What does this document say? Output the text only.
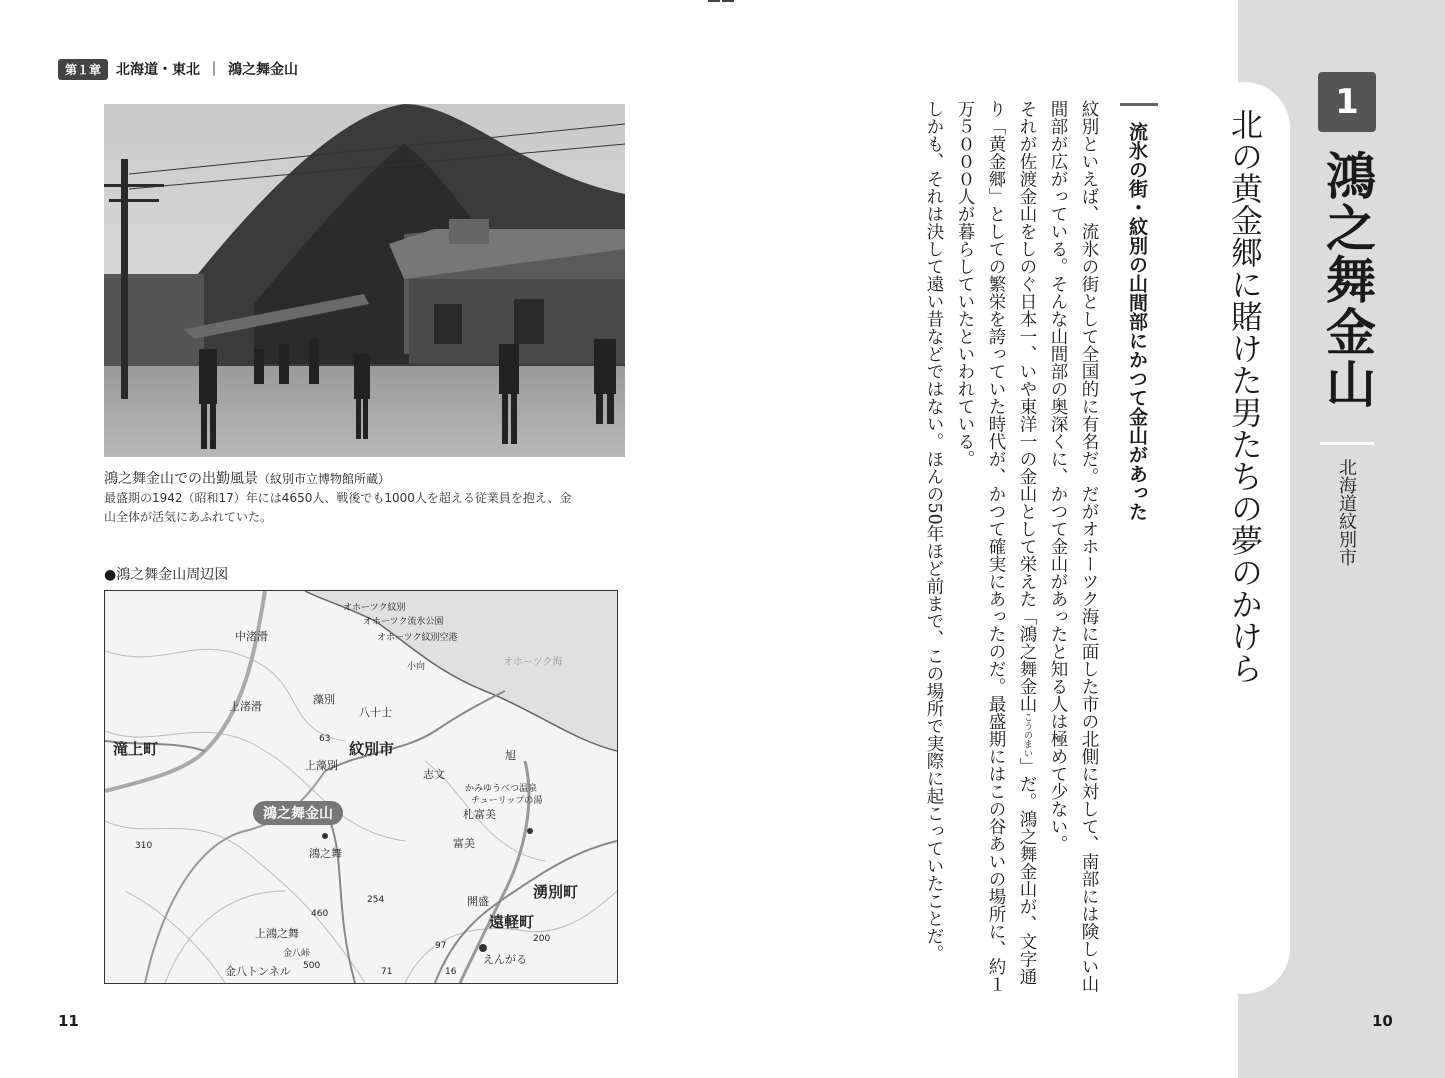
第１章	北海道・東北 ｜ 鴻之舞金山
鴻之舞金山での出勤風景（紋別市立博物館所蔵）
最盛期の1942（昭和17）年には4650人、戦後でも1000人を超える従業員を抱え、金山全体が活気にあふれていた。
●鴻之舞金山周辺図
オホーツク紋別
オホーツク流氷公園
オホーツク紋別空港
中渚滑
小向	オホーツク海
上渚滑
藻別
八十士
63
滝上町	紋別市	旭
上藻別
志文
かみゆうべつ温泉
チューリップの湯
札富美
鴻之舞金山
310	富美
鴻之舞
湧別町
254	開盛
460	遠軽町
上鴻之舞	200
97
金八峠	えんがる
500
金八トンネル	71	16
11
1
鴻之舞金山
北海道紋別市
北の黄金郷に賭けた男たちの夢のかけら
流氷の街・紋別の山間部にかつて金山があった

紋別といえば、流氷の街として全国的に有名だ。だがオホーツク海に面した市の北側に対して、南部には険しい山間部が広がっている。そんな山間部の奥深くに、かつて金山があったと知る人は極めて少ない。

それが佐渡金山をしのぐ日本一、いや東洋一の金山として栄えた「鴻之舞金山こうのまい」だ。鴻之舞金山が、文字通り「黄金郷」としての繁栄を誇っていた時代が、かつて確実にあったのだ。最盛期にはこの谷あいの場所に、約１万５０００人が暮らしていたといわれている。

しかも、それは決して遠い昔などではない。ほんの50年ほど前まで、この場所で実際に起こっていたことだ。

10
